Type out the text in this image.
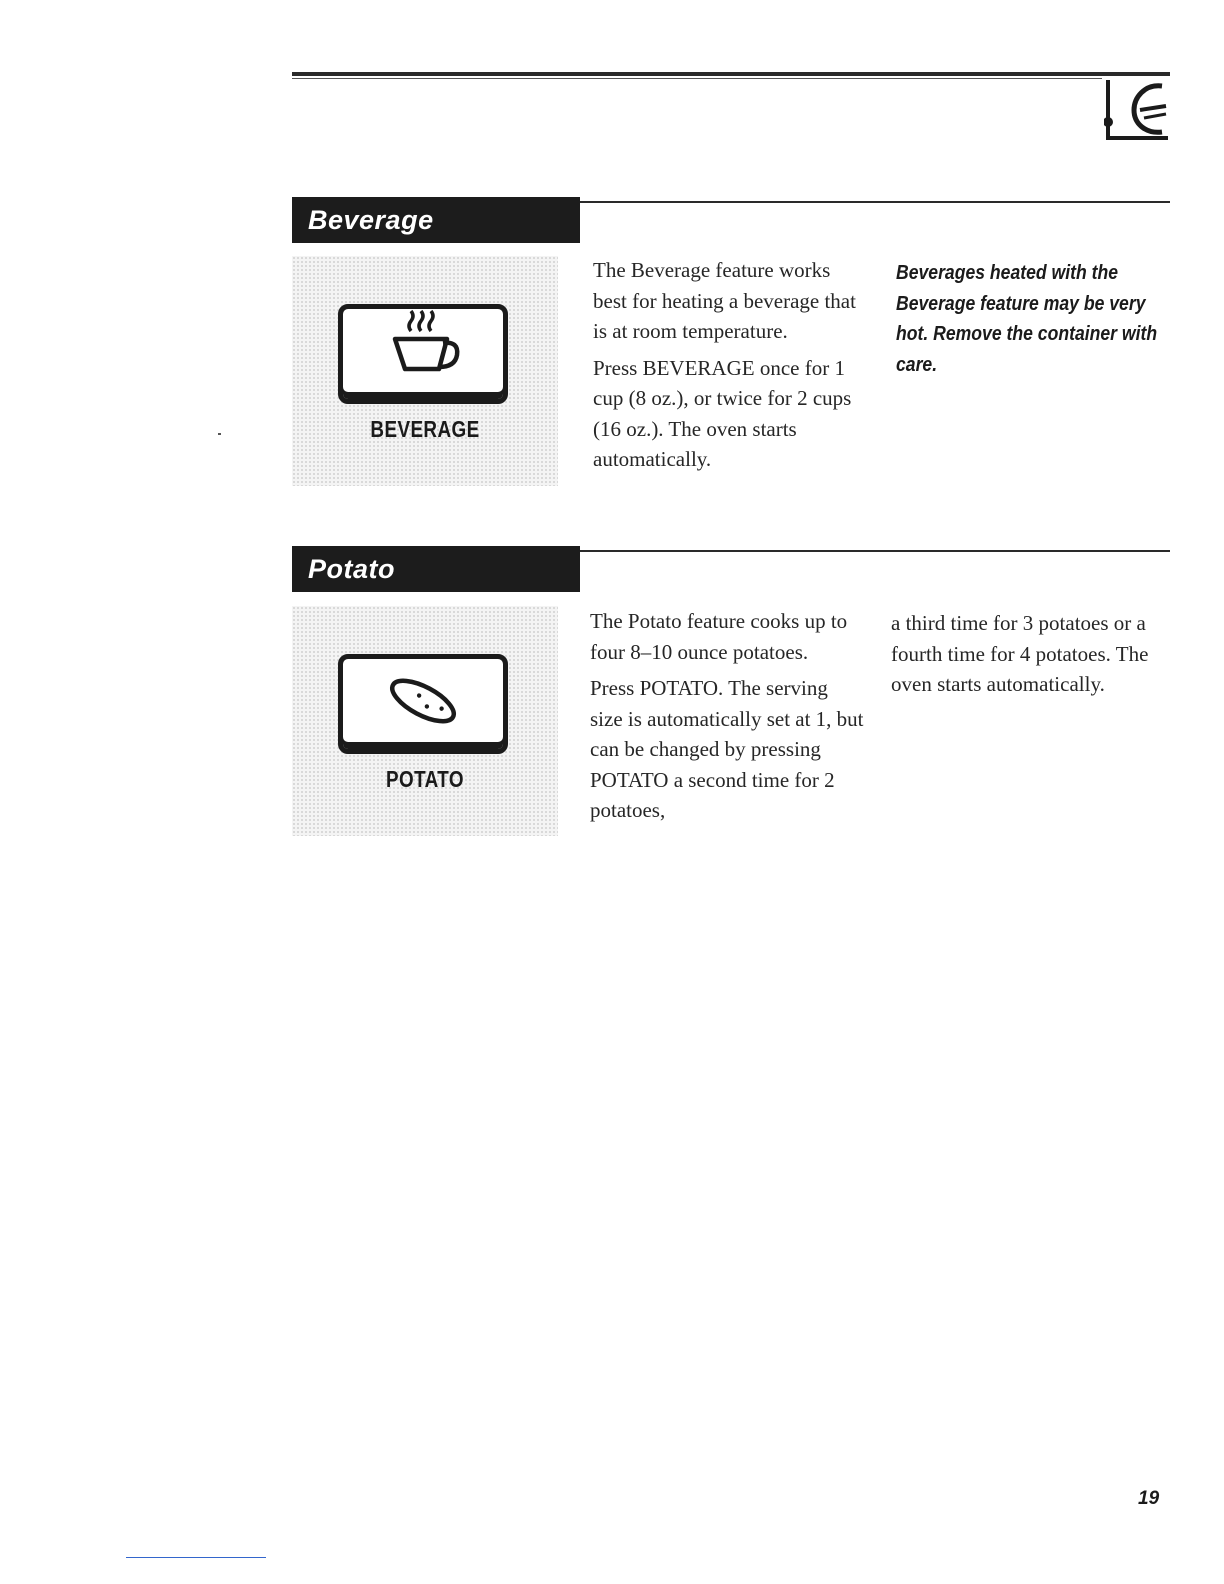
Beverage
BEVERAGE

The Beverage feature works best for heating a beverage that is at room temperature.

Press BEVERAGE once for 1 cup (8 oz.), or twice for 2 cups (16 oz.). The oven starts automatically.

Beverages heated with the Beverage feature may be very hot. Remove the container with care.
Potato
POTATO

The Potato feature cooks up to four 8–10 ounce potatoes.

Press POTATO. The serving size is automatically set at 1, but can be changed by pressing POTATO a second time for 2 potatoes,

a third time for 3 potatoes or a fourth time for 4 potatoes. The oven starts automatically.

19
